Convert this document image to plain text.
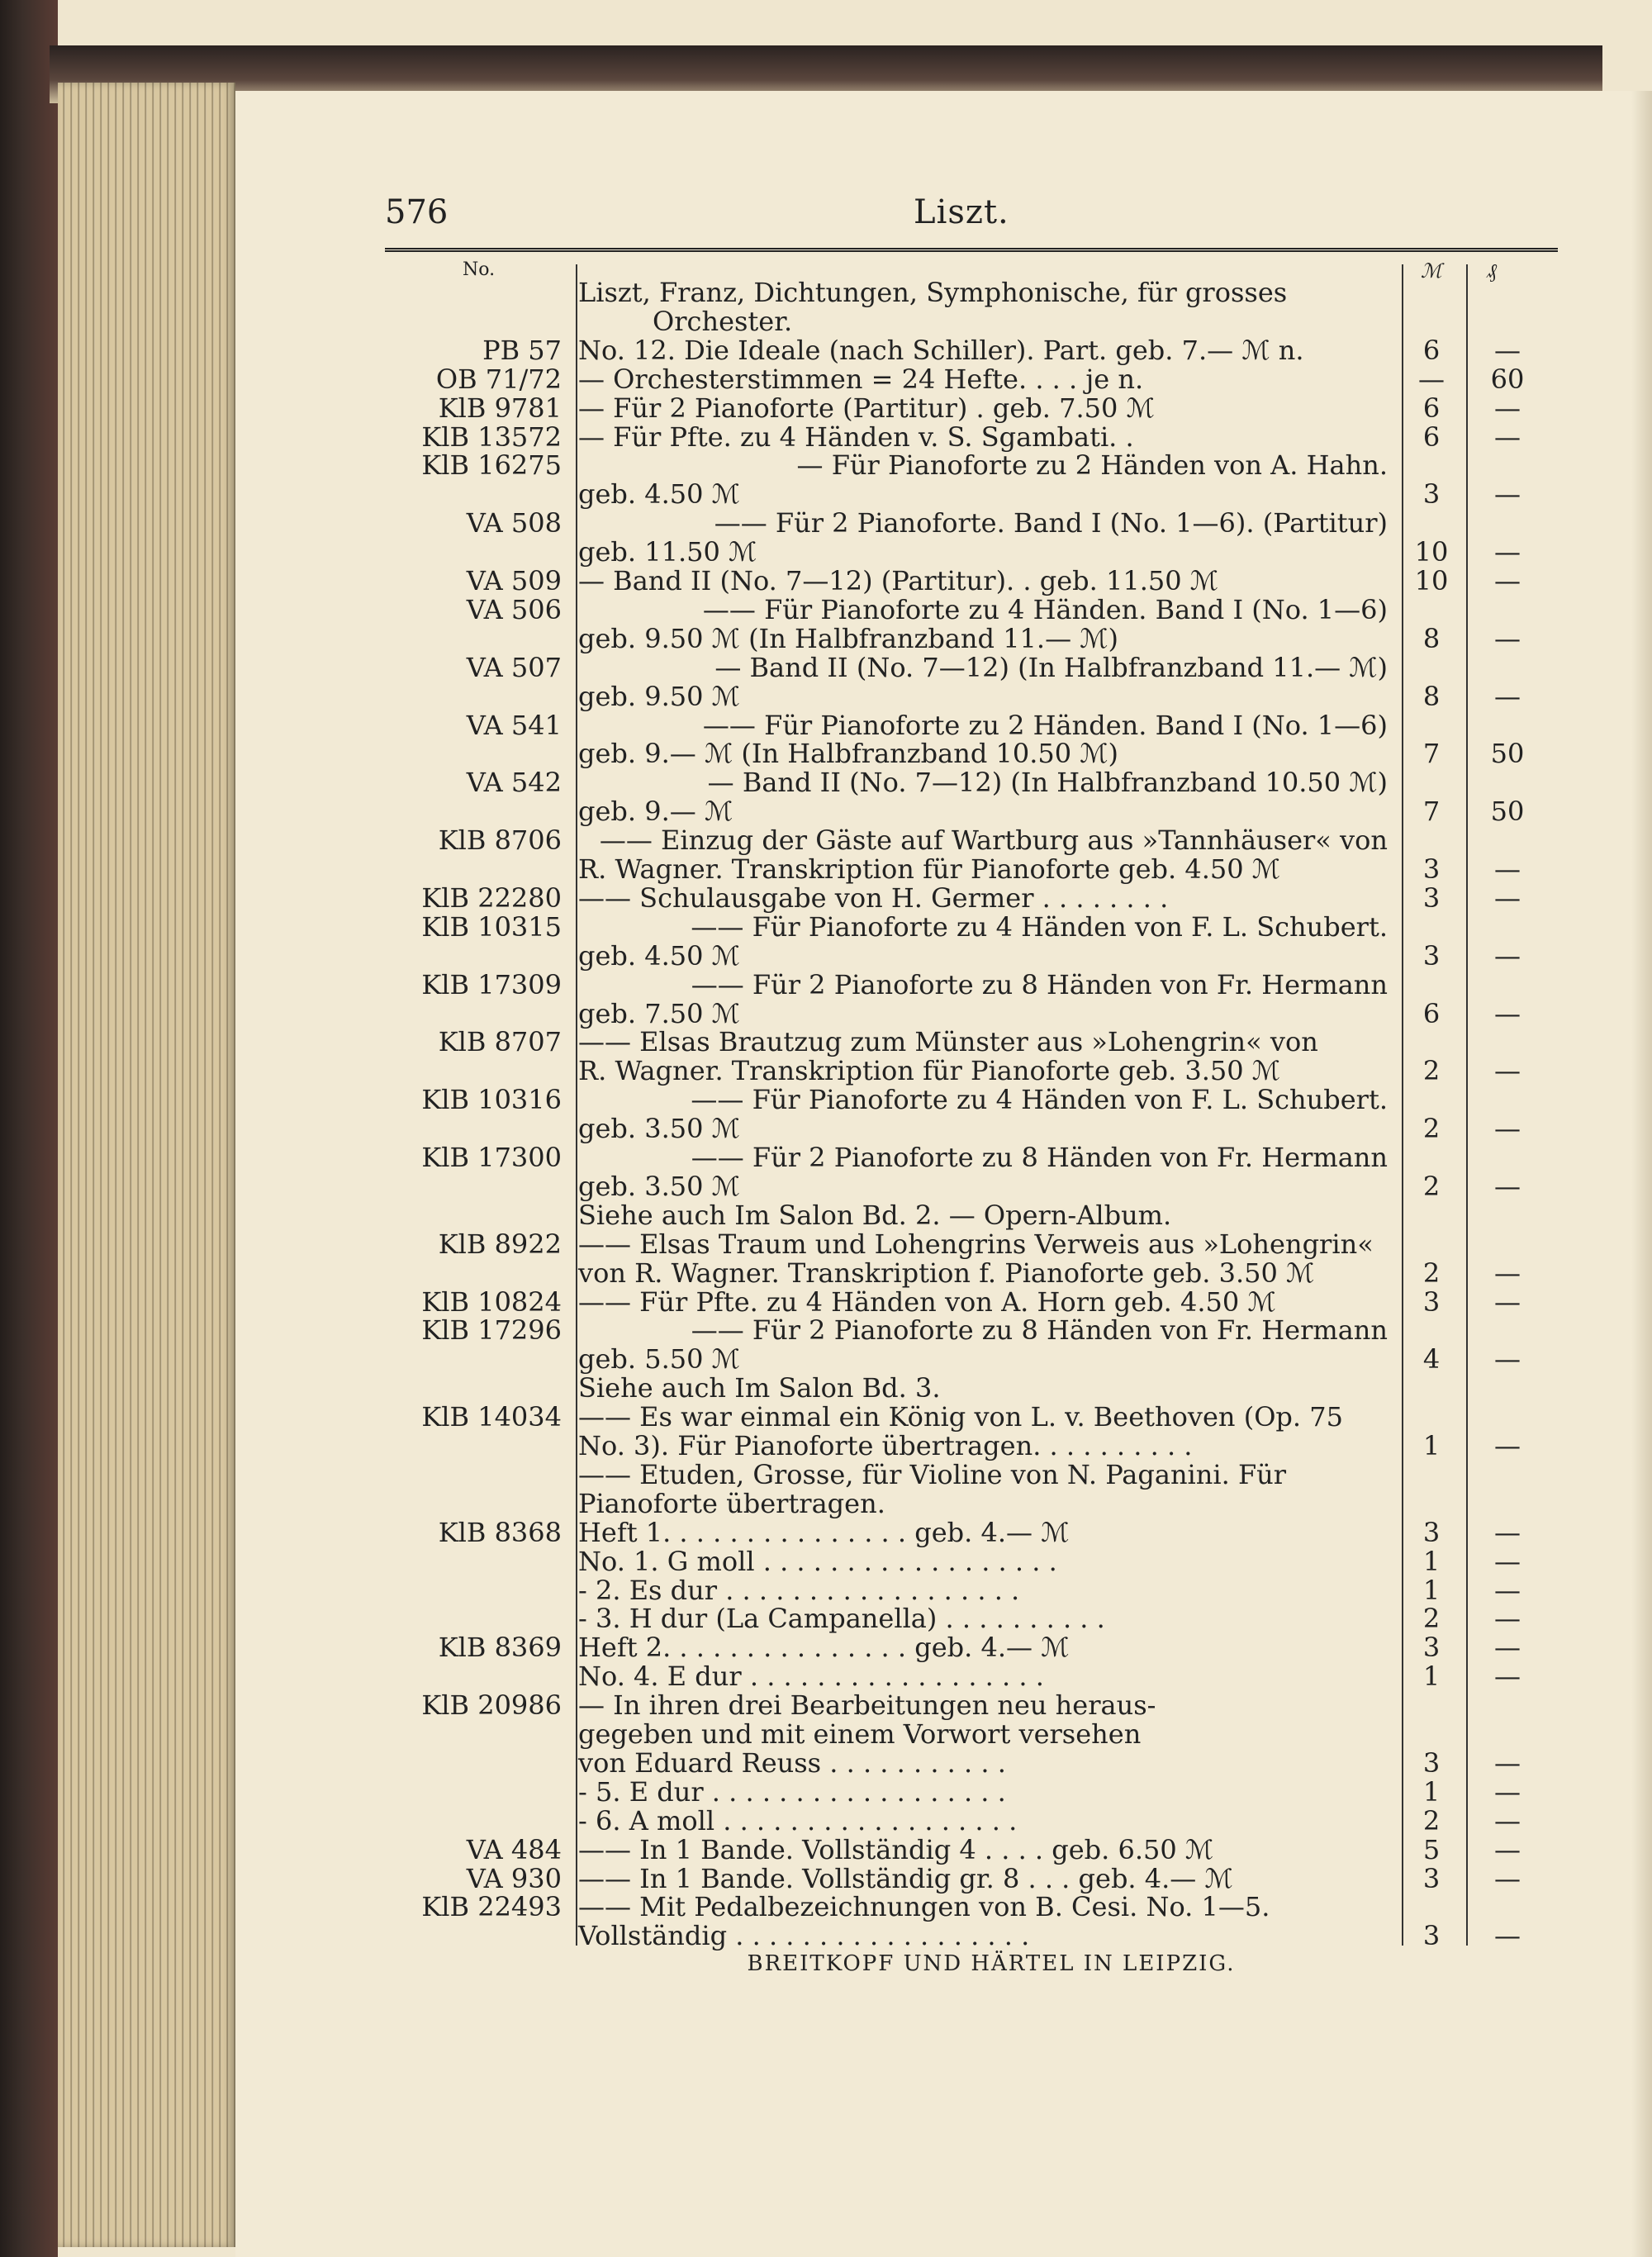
576	Liszt.
No.	ℳ ₰
Liszt, Franz, Dichtungen, Symphonische, für grosses
Orchester.
PB 57 No. 12. Die Ideale (nach Schiller). Part. geb. 7.— ℳ n.	6	—
OB 71/72 — Orchesterstimmen = 24 Hefte. . . . je n.	—	60
KlB 9781 — Für 2 Pianoforte (Partitur) . geb. 7.50 ℳ	6	—
KlB 13572 — Für Pfte. zu 4 Händen v. S. Sgambati. .	6	—
KlB 16275	— Für Pianoforte zu 2 Händen von A. Hahn.
geb. 4.50 ℳ	3	—
VA 508	—— Für 2 Pianoforte. Band I (No. 1—6). (Partitur)
geb. 11.50 ℳ	10	—
VA 509 — Band II (No. 7—12) (Partitur). . geb. 11.50 ℳ	10	—
VA 506	—— Für Pianoforte zu 4 Händen. Band I (No. 1—6)
geb. 9.50 ℳ (In Halbfranzband 11.— ℳ)	8	—
VA 507	— Band II (No. 7—12) (In Halbfranzband 11.— ℳ)
geb. 9.50 ℳ	8	—
VA 541	—— Für Pianoforte zu 2 Händen. Band I (No. 1—6)
geb. 9.— ℳ (In Halbfranzband 10.50 ℳ)	7	50
VA 542	— Band II (No. 7—12) (In Halbfranzband 10.50 ℳ)
geb. 9.— ℳ	7	50
KlB 8706	—— Einzug der Gäste auf Wartburg aus »Tannhäuser« von
R. Wagner. Transkription für Pianoforte geb. 4.50 ℳ	3	—
KlB 22280 —— Schulausgabe von H. Germer . . . . . . . .	3	—
KlB 10315	—— Für Pianoforte zu 4 Händen von F. L. Schubert.
geb. 4.50 ℳ	3	—
KlB 17309	—— Für 2 Pianoforte zu 8 Händen von Fr. Hermann
geb. 7.50 ℳ	6	—
KlB 8707 —— Elsas Brautzug zum Münster aus »Lohengrin« von
R. Wagner. Transkription für Pianoforte geb. 3.50 ℳ	2	—
KlB 10316	—— Für Pianoforte zu 4 Händen von F. L. Schubert.
geb. 3.50 ℳ	2	—
KlB 17300	—— Für 2 Pianoforte zu 8 Händen von Fr. Hermann
geb. 3.50 ℳ	2	—
Siehe auch Im Salon Bd. 2. — Opern-Album.
KlB 8922 —— Elsas Traum und Lohengrins Verweis aus »Lohengrin«
von R. Wagner. Transkription f. Pianoforte geb. 3.50 ℳ	2	—
KlB 10824 —— Für Pfte. zu 4 Händen von A. Horn geb. 4.50 ℳ	3	—
KlB 17296	—— Für 2 Pianoforte zu 8 Händen von Fr. Hermann
geb. 5.50 ℳ	4	—
Siehe auch Im Salon Bd. 3.
KlB 14034 —— Es war einmal ein König von L. v. Beethoven (Op. 75
No. 3). Für Pianoforte übertragen. . . . . . . . . .	1	—
—— Etuden, Grosse, für Violine von N. Paganini. Für
Pianoforte übertragen.
KlB 8368 Heft 1. . . . . . . . . . . . . . . geb. 4.— ℳ	3	—
No. 1. G moll . . . . . . . . . . . . . . . . . .	1	—
- 2. Es dur . . . . . . . . . . . . . . . . . .	1	—
- 3. H dur (La Campanella) . . . . . . . . . .	2	—
KlB 8369 Heft 2. . . . . . . . . . . . . . . geb. 4.— ℳ	3	—
No. 4. E dur . . . . . . . . . . . . . . . . . .	1	—
KlB 20986 — In ihren drei Bearbeitungen neu heraus-
gegeben und mit einem Vorwort versehen
von Eduard Reuss . . . . . . . . . . .	3	—
- 5. E dur . . . . . . . . . . . . . . . . . .	1	—
- 6. A moll . . . . . . . . . . . . . . . . . .	2	—
VA 484 —— In 1 Bande. Vollständig 4 . . . . geb. 6.50 ℳ	5	—
VA 930 —— In 1 Bande. Vollständig gr. 8 . . . geb. 4.— ℳ	3	—
KlB 22493 —— Mit Pedalbezeichnungen von B. Cesi. No. 1—5.
Vollständig . . . . . . . . . . . . . . . . . .	3	—
BREITKOPF UND HÄRTEL IN LEIPZIG.
